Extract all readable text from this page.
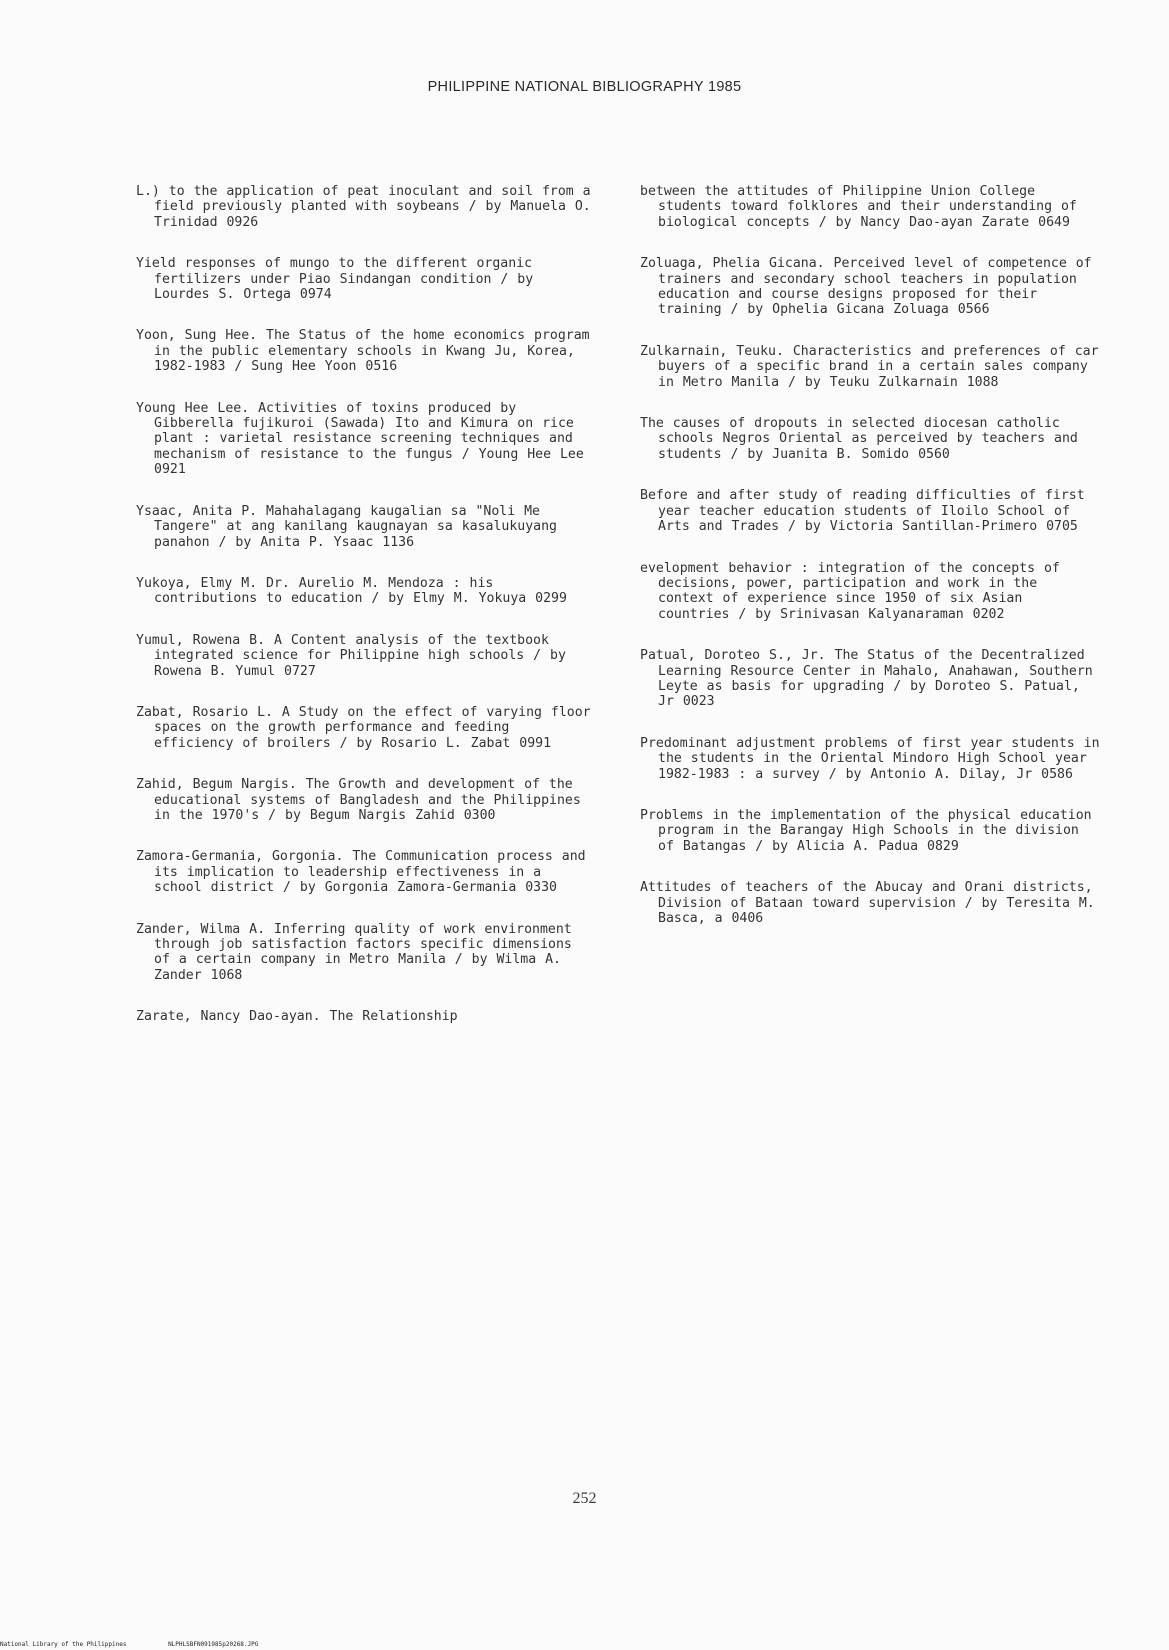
PHILIPPINE NATIONAL BIBLIOGRAPHY 1985

L.) to the application of peat inoculant and soil from a field previously planted with soybeans / by Manuela O. Trinidad 0926

Yield responses of mungo to the different organic fertilizers under Piao Sindangan condition / by Lourdes S. Ortega 0974

Yoon, Sung Hee. The Status of the home economics program in the public elementary schools in Kwang Ju, Korea, 1982-1983 / Sung Hee Yoon 0516

Young Hee Lee. Activities of toxins produced by Gibberella fujikuroi (Sawada) Ito and Kimura on rice plant : varietal resistance screening techniques and mechanism of resistance to the fungus / Young Hee Lee 0921

Ysaac, Anita P. Mahahalagang kaugalian sa "Noli Me Tangere" at ang kanilang kaugnayan sa kasalukuyang panahon / by Anita P. Ysaac 1136

Yukoya, Elmy M. Dr. Aurelio M. Mendoza : his contributions to education / by Elmy M. Yokuya 0299

Yumul, Rowena B. A Content analysis of the textbook integrated science for Philippine high schools / by Rowena B. Yumul 0727

Zabat, Rosario L. A Study on the effect of varying floor spaces on the growth performance and feeding efficiency of broilers / by Rosario L. Zabat 0991

Zahid, Begum Nargis. The Growth and development of the educational systems of Bangladesh and the Philippines in the 1970's / by Begum Nargis Zahid 0300

Zamora-Germania, Gorgonia. The Communication process and its implication to leadership effectiveness in a school district / by Gorgonia Zamora-Germania 0330

Zander, Wilma A. Inferring quality of work environment through job satisfaction factors specific dimensions of a certain company in Metro Manila / by Wilma A. Zander 1068

Zarate, Nancy Dao-ayan. The Relationship

between the attitudes of Philippine Union College students toward folklores and their understanding of biological concepts / by Nancy Dao-ayan Zarate 0649

Zoluaga, Phelia Gicana. Perceived level of competence of trainers and secondary school teachers in population education and course designs proposed for their training / by Ophelia Gicana Zoluaga 0566

Zulkarnain, Teuku. Characteristics and preferences of car buyers of a specific brand in a certain sales company in Metro Manila / by Teuku Zulkarnain 1088

The causes of dropouts in selected diocesan catholic schools Negros Oriental as perceived by teachers and students / by Juanita B. Somido 0560

Before and after study of reading difficulties of first year teacher education students of Iloilo School of Arts and Trades / by Victoria Santillan-Primero 0705

evelopment behavior : integration of the concepts of decisions, power, participation and work in the context of experience since 1950 of six Asian countries / by Srinivasan Kalyanaraman 0202

Patual, Doroteo S., Jr. The Status of the Decentralized Learning Resource Center in Mahalo, Anahawan, Southern Leyte as basis for upgrading / by Doroteo S. Patual, Jr 0023

Predominant adjustment problems of first year students in the students in the Oriental Mindoro High School year 1982-1983 : a survey / by Antonio A. Dilay, Jr 0586

Problems in the implementation of the physical education program in the Barangay High Schools in the division of Batangas / by Alicia A. Padua 0829

Attitudes of teachers of the Abucay and Orani districts, Division of Bataan toward supervision / by Teresita M. Basca, a 0406

252
National Library of the Philippines	NLPHLSBFN091985p20268.JPG
